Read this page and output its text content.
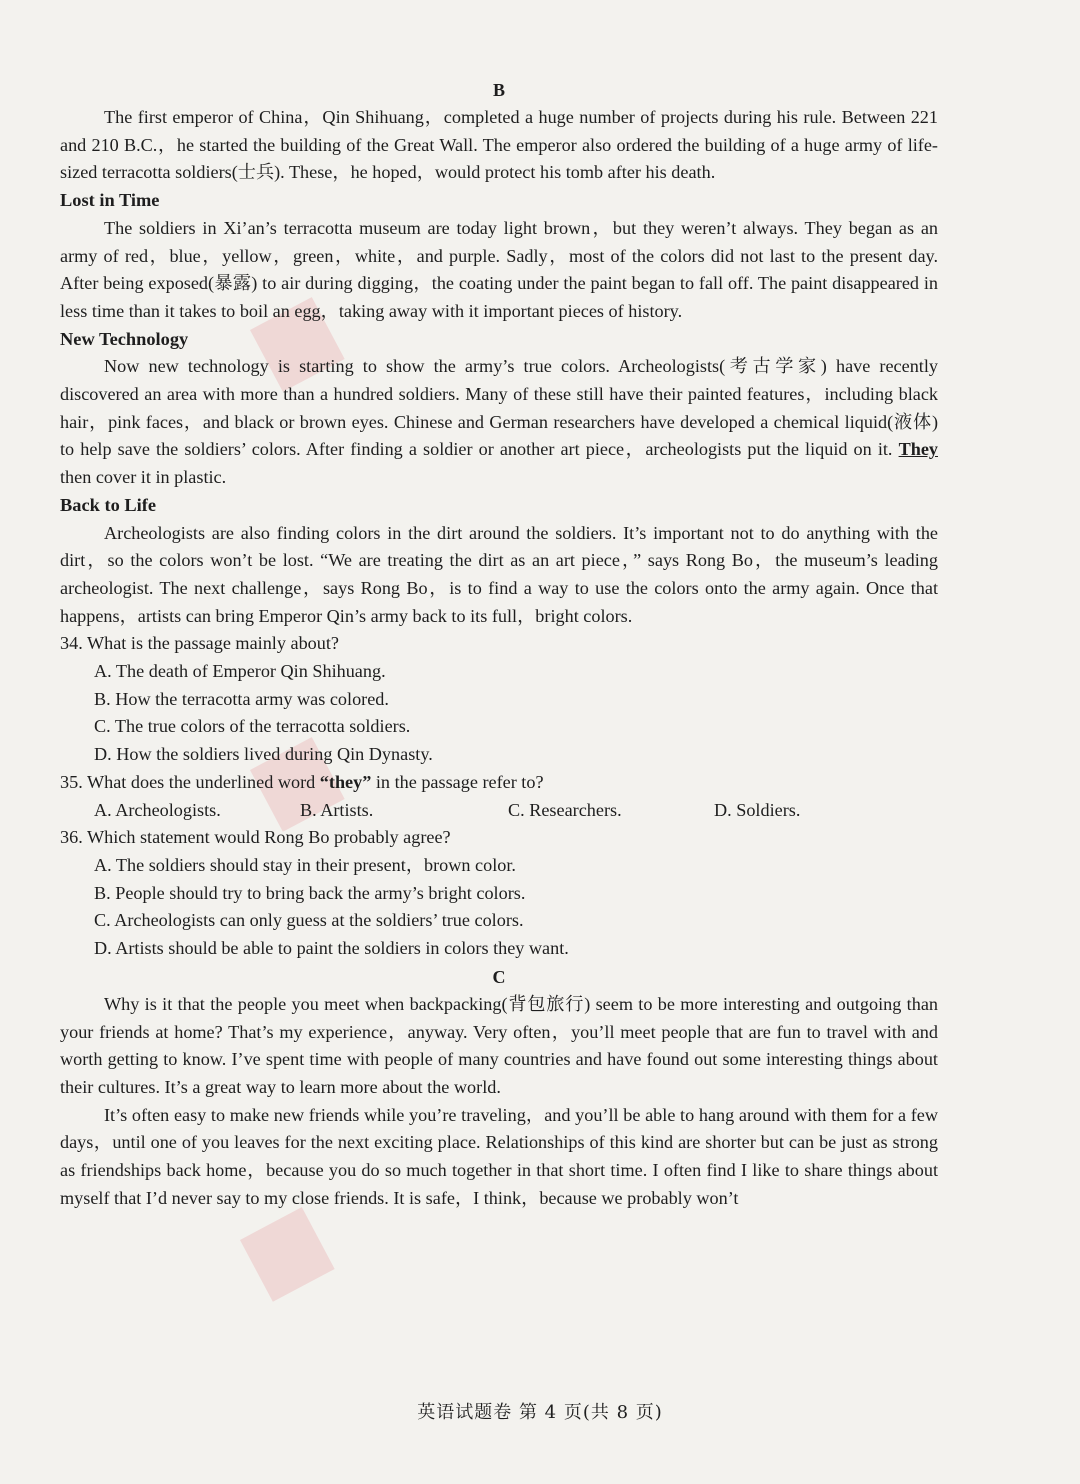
B

The first emperor of China，Qin Shihuang，completed a huge number of projects during his rule. Between 221 and 210 B.C.，he started the building of the Great Wall. The emperor also ordered the building of a huge army of life-sized terracotta soldiers(士兵). These，he hoped，would protect his tomb after his death.

Lost in Time

The soldiers in Xi’an’s terracotta museum are today light brown，but they weren’t always. They began as an army of red，blue，yellow，green，white，and purple. Sadly，most of the colors did not last to the present day. After being exposed(暴露) to air during digging，the coating under the paint began to fall off. The paint disappeared in less time than it takes to boil an egg，taking away with it important pieces of history.

New Technology

Now new technology is starting to show the army’s true colors. Archeologists(考古学家) have recently discovered an area with more than a hundred soldiers. Many of these still have their painted features，including black hair，pink faces，and black or brown eyes. Chinese and German researchers have developed a chemical liquid(液体) to help save the soldiers’ colors. After finding a soldier or another art piece，archeologists put the liquid on it. They then cover it in plastic.

Back to Life

Archeologists are also finding colors in the dirt around the soldiers. It’s important not to do anything with the dirt，so the colors won’t be lost. “We are treating the dirt as an art piece，” says Rong Bo，the museum’s leading archeologist. The next challenge，says Rong Bo，is to find a way to use the colors onto the army again. Once that happens，artists can bring Emperor Qin’s army back to its full，bright colors.

34. What is the passage mainly about?

A. The death of Emperor Qin Shihuang.

B. How the terracotta army was colored.

C. The true colors of the terracotta soldiers.

D. How the soldiers lived during Qin Dynasty.

35. What does the underlined word “they” in the passage refer to?

A. Archeologists.	B. Artists.	C. Researchers.	D. Soldiers.

36. Which statement would Rong Bo probably agree?

A. The soldiers should stay in their present，brown color.

B. People should try to bring back the army’s bright colors.

C. Archeologists can only guess at the soldiers’ true colors.

D. Artists should be able to paint the soldiers in colors they want.

C

Why is it that the people you meet when backpacking(背包旅行) seem to be more interesting and outgoing than your friends at home? That’s my experience，anyway. Very often，you’ll meet people that are fun to travel with and worth getting to know. I’ve spent time with people of many countries and have found out some interesting things about their cultures. It’s a great way to learn more about the world.

It’s often easy to make new friends while you’re traveling，and you’ll be able to hang around with them for a few days，until one of you leaves for the next exciting place. Relationships of this kind are shorter but can be just as strong as friendships back home，because you do so much together in that short time. I often find I like to share things about myself that I’d never say to my close friends. It is safe，I think，because we probably won’t

英语试题卷 第 4 页(共 8 页)
